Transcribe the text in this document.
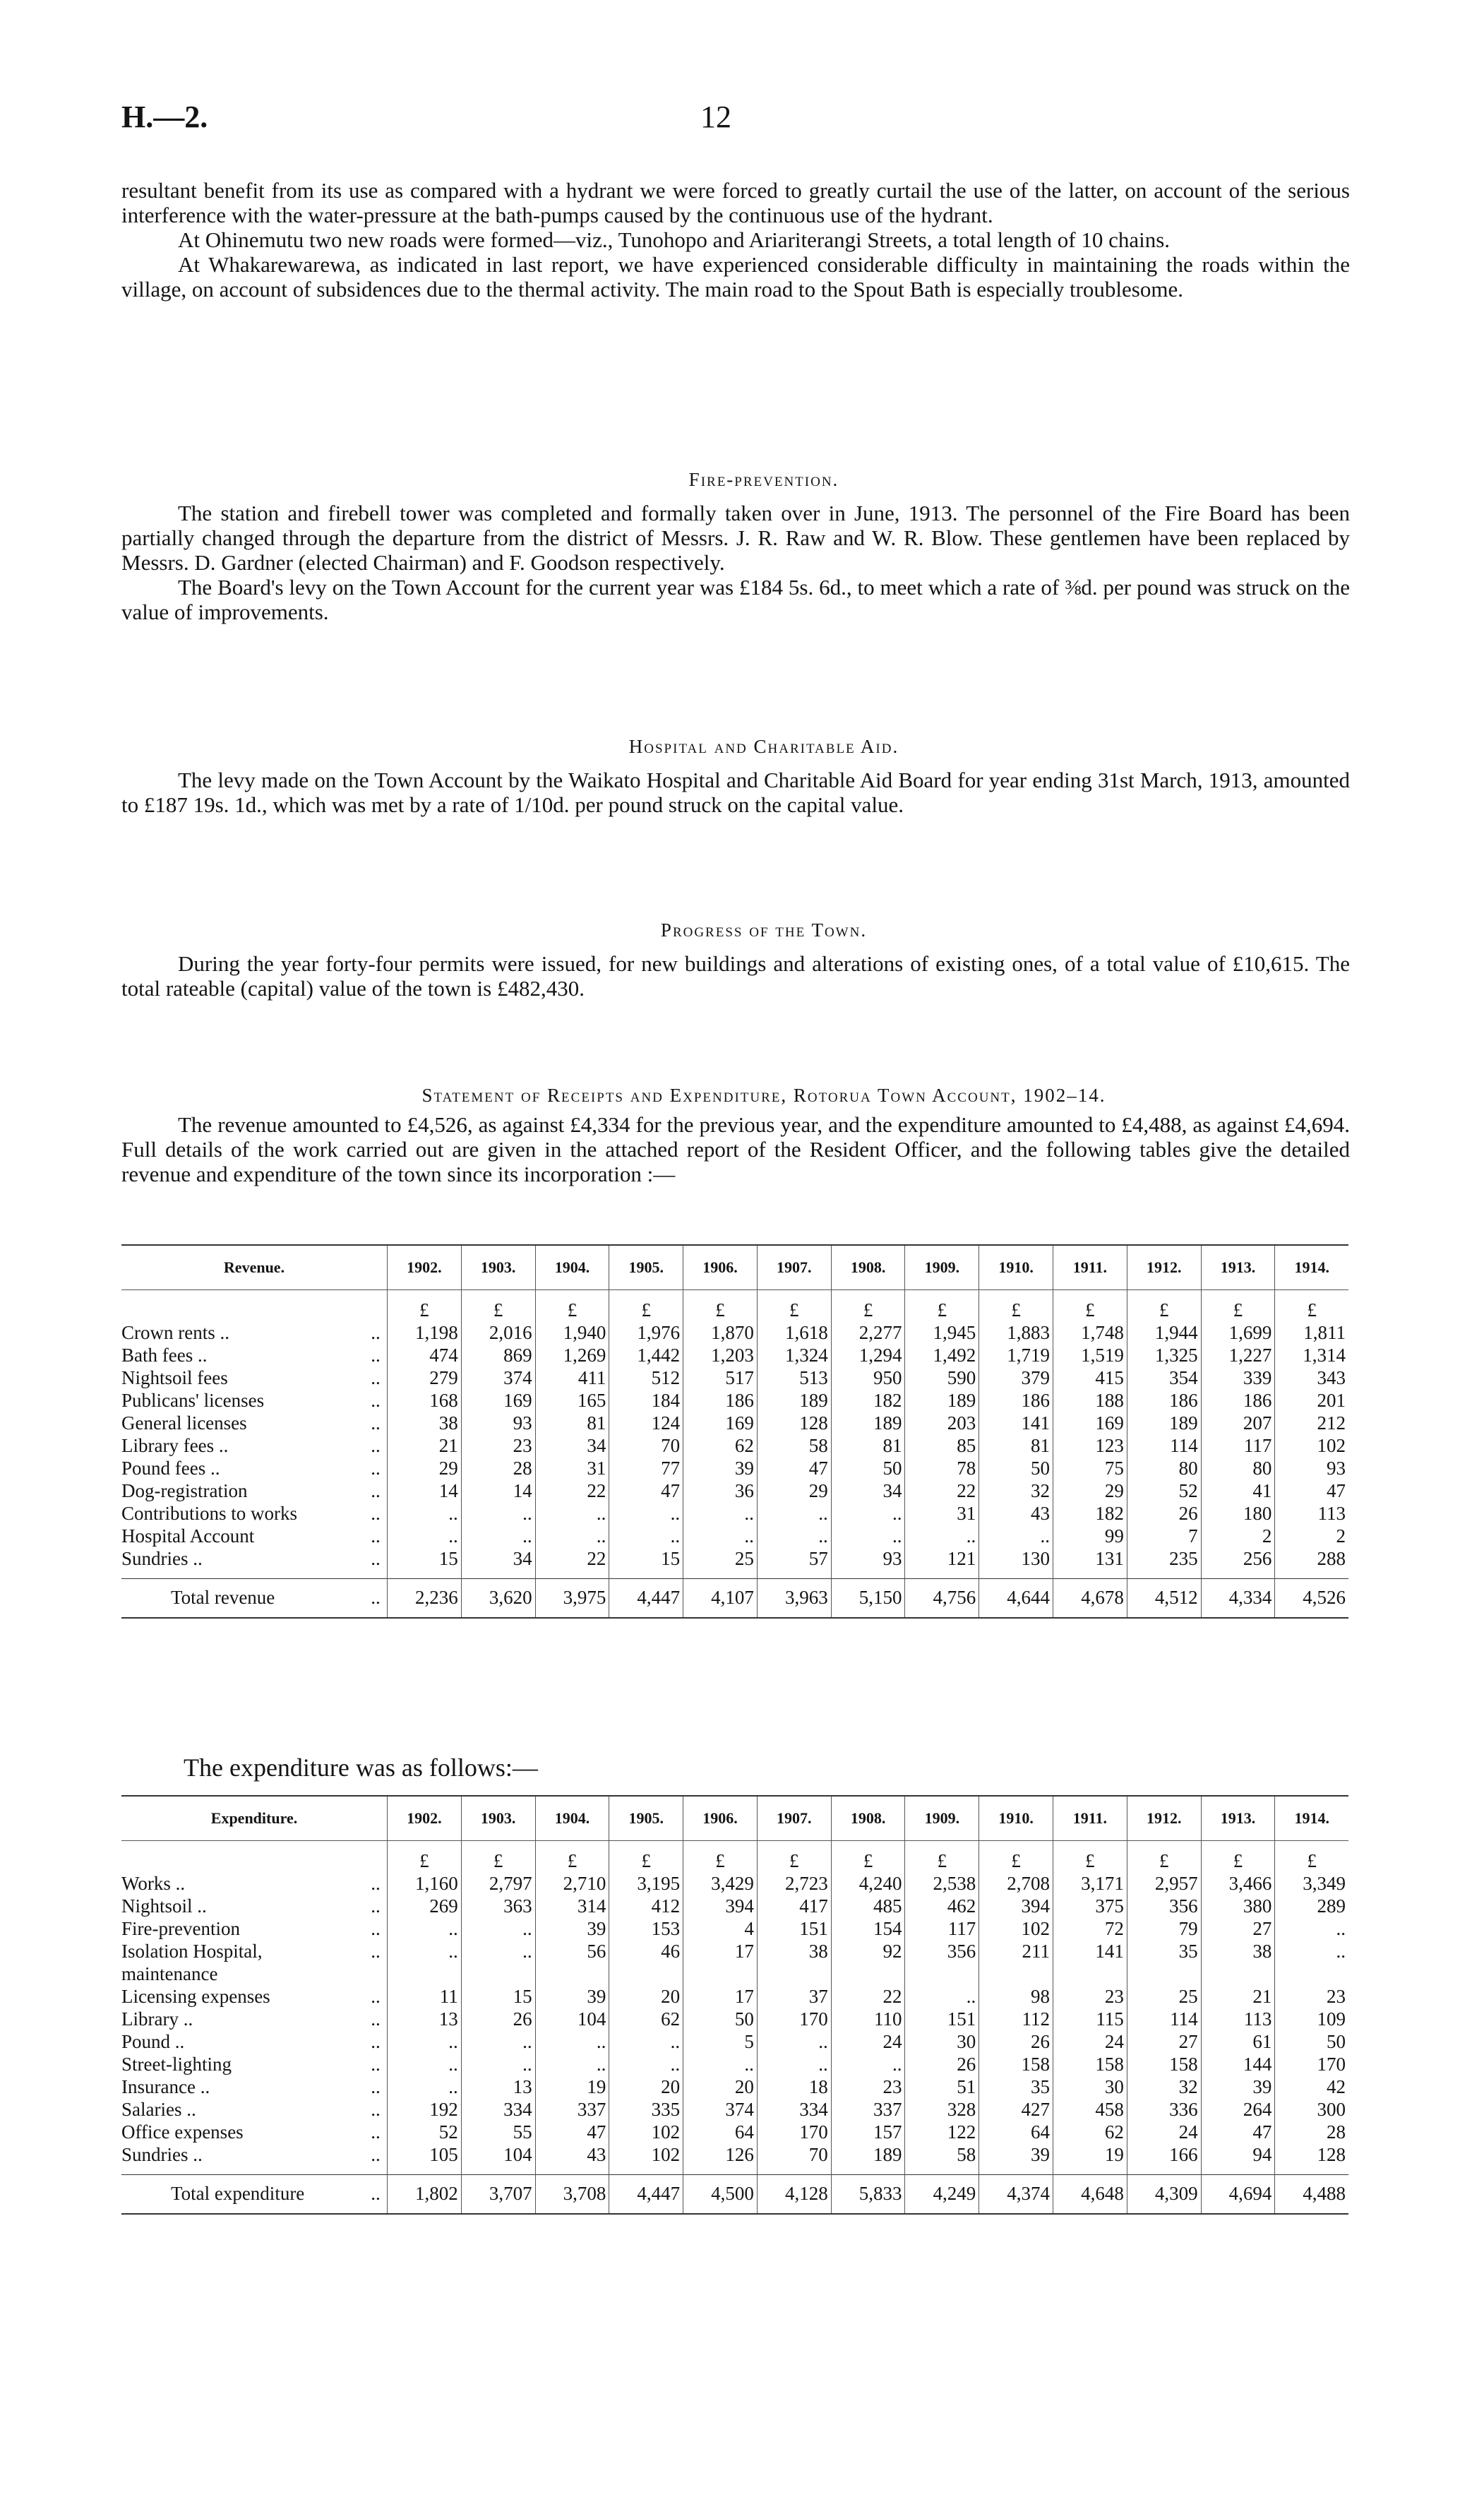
H.—2.	12

resultant benefit from its use as compared with a hydrant we were forced to greatly curtail the use of the latter, on account of the serious interference with the water-pressure at the bath-pumps caused by the continuous use of the hydrant.

At Ohinemutu two new roads were formed—viz., Tunohopo and Ariariterangi Streets, a total length of 10 chains.

At Whakarewarewa, as indicated in last report, we have experienced considerable difficulty in maintaining the roads within the village, on account of subsidences due to the thermal activity. The main road to the Spout Bath is especially troublesome.

Fire-prevention.

The station and firebell tower was completed and formally taken over in June, 1913. The personnel of the Fire Board has been partially changed through the departure from the district of Messrs. J. R. Raw and W. R. Blow. These gentlemen have been replaced by Messrs. D. Gardner (elected Chairman) and F. Goodson respectively.

The Board's levy on the Town Account for the current year was £184 5s. 6d., to meet which a rate of ⅜d. per pound was struck on the value of improvements.

Hospital and Charitable Aid.

The levy made on the Town Account by the Waikato Hospital and Charitable Aid Board for year ending 31st March, 1913, amounted to £187 19s. 1d., which was met by a rate of 1/10d. per pound struck on the capital value.

Progress of the Town.

During the year forty-four permits were issued, for new buildings and alterations of existing ones, of a total value of £10,615. The total rateable (capital) value of the town is £482,430.

Statement of Receipts and Expenditure, Rotorua Town Account, 1902–14.

The revenue amounted to £4,526, as against £4,334 for the previous year, and the expenditure amounted to £4,488, as against £4,694. Full details of the work carried out are given in the attached report of the Resident Officer, and the following tables give the detailed revenue and expenditure of the town since its incorporation :—

Revenue.		1902.	1903.	1904.	1905.	1906.	1907.	1908.	1909.	1910.	1911.	1912.	1913.	1914.
		£	£	£	£	£	£	£	£	£	£	£	£	£
Crown rents ..	..	1,198	2,016	1,940	1,976	1,870	1,618	2,277	1,945	1,883	1,748	1,944	1,699	1,811
Bath fees ..	..	474	869	1,269	1,442	1,203	1,324	1,294	1,492	1,719	1,519	1,325	1,227	1,314
Nightsoil fees	..	279	374	411	512	517	513	950	590	379	415	354	339	343
Publicans' licenses	..	168	169	165	184	186	189	182	189	186	188	186	186	201
General licenses	..	38	93	81	124	169	128	189	203	141	169	189	207	212
Library fees ..	..	21	23	34	70	62	58	81	85	81	123	114	117	102
Pound fees ..	..	29	28	31	77	39	47	50	78	50	75	80	80	93
Dog-registration	..	14	14	22	47	36	29	34	22	32	29	52	41	47
Contributions to works	..	..	..	..	..	..	..	..	31	43	182	26	180	113
Hospital Account	..	..	..	..	..	..	..	..	..	..	99	7	2	2
Sundries ..	..	15	34	22	15	25	57	93	121	130	131	235	256	288

Total revenue	..	2,236	3,620	3,975	4,447	4,107	3,963	5,150	4,756	4,644	4,678	4,512	4,334	4,526
The expenditure was as follows:—
Expenditure.		1902.	1903.	1904.	1905.	1906.	1907.	1908.	1909.	1910.	1911.	1912.	1913.	1914.
		£	£	£	£	£	£	£	£	£	£	£	£	£
Works ..	..	1,160	2,797	2,710	3,195	3,429	2,723	4,240	2,538	2,708	3,171	2,957	3,466	3,349
Nightsoil ..	..	269	363	314	412	394	417	485	462	394	375	356	380	289
Fire-prevention	..	..	..	39	153	4	151	154	117	102	72	79	27	..
Isolation Hospital, maintenance	..	..	..	56	46	17	38	92	356	211	141	35	38	..
Licensing expenses	..	11	15	39	20	17	37	22	..	98	23	25	21	23
Library ..	..	13	26	104	62	50	170	110	151	112	115	114	113	109
Pound ..	..	..	..	..	..	5	..	24	30	26	24	27	61	50
Street-lighting	..	..	..	..	..	..	..	..	26	158	158	158	144	170
Insurance ..	..	..	13	19	20	20	18	23	51	35	30	32	39	42
Salaries ..	..	192	334	337	335	374	334	337	328	427	458	336	264	300
Office expenses	..	52	55	47	102	64	170	157	122	64	62	24	47	28
Sundries ..	..	105	104	43	102	126	70	189	58	39	19	166	94	128

Total expenditure	..	1,802	3,707	3,708	4,447	4,500	4,128	5,833	4,249	4,374	4,648	4,309	4,694	4,488
